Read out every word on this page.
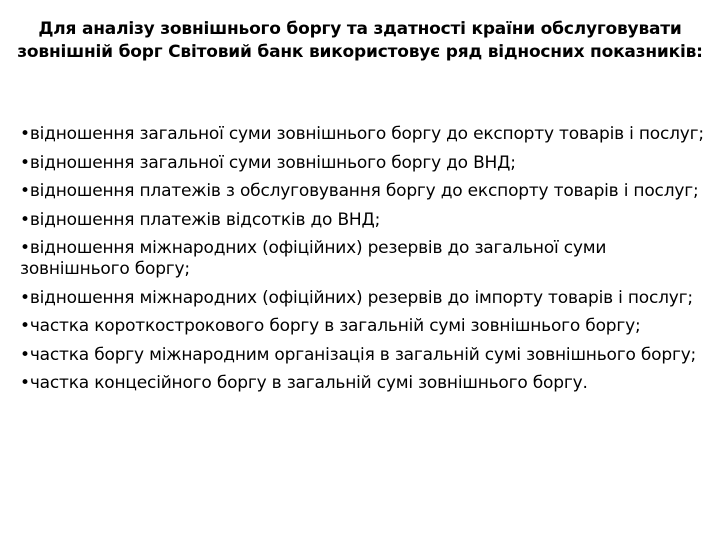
Для аналізу зовнішнього боргу та здатності країни обслуговувати зовнішній борг Світовий банк використовує ряд відносних показників:
•відношення загальної суми зовнішнього боргу до експорту товарів і послуг;
•відношення загальної суми зовнішнього боргу до ВНД;
•відношення платежів з обслуговування боргу до експорту товарів і послуг;
•відношення платежів відсотків до ВНД;
•відношення міжнародних (офіційних) резервів до загальної суми зовнішнього боргу;
•відношення міжнародних (офіційних) резервів до імпорту товарів і послуг;
•частка короткострокового боргу в загальній сумі зовнішнього боргу;
•частка боргу міжнародним організація в загальній сумі зовнішнього боргу;
•частка концесійного боргу в загальній сумі зовнішнього боргу.
